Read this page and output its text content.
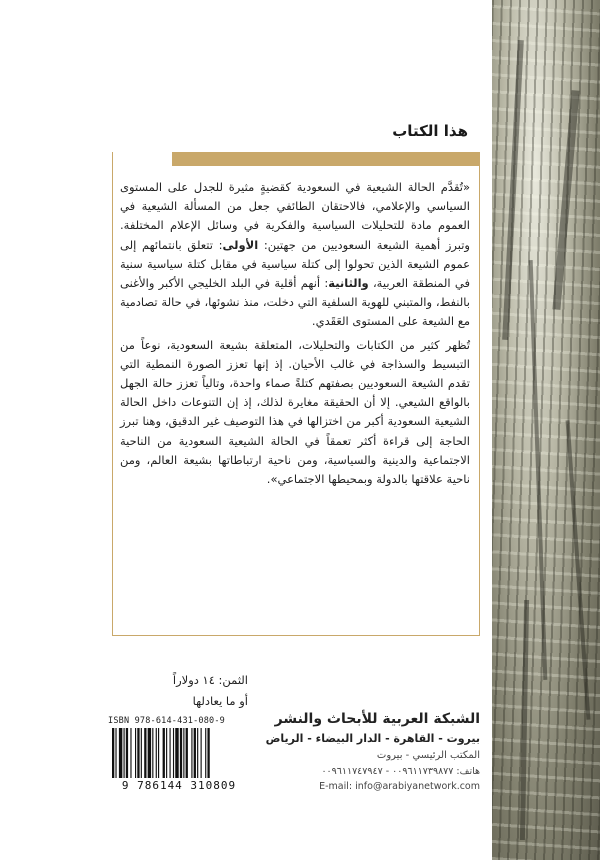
هذا الكتاب

«تُقدَّم الحالة الشيعية في السعودية كقضيةٍ مثيرة للجدل على المستوى السياسي والإعلامي، فالاحتقان الطائفي جعل من المسألة الشيعية في العموم مادة للتحليلات السياسية والفكرية في وسائل الإعلام المختلفة. وتبرز أهمية الشيعة السعوديين من جهتين: الأولى: تتعلق بانتمائهم إلى عموم الشيعة الذين تحولوا إلى كتلة سياسية في مقابل كتلة سياسية سنية في المنطقة العربية، والثانية: أنهم أقلية في البلد الخليجي الأكبر والأغنى بالنفط، والمتبني للهوية السلفية التي دخلت، منذ نشوئها، في حالة تصادمية مع الشيعة على المستوى العَقَدي.

تُظهر كثير من الكتابات والتحليلات، المتعلقة بشيعة السعودية، نوعاً من التبسيط والسذاجة في غالب الأحيان. إذ إنها تعزز الصورة النمطية التي تقدم الشيعة السعوديين بصفتهم كتلةً صماء واحدة، وتالياً تعزز حالة الجهل بالواقع الشيعي. إلا أن الحقيقة مغايرة لذلك، إذ إن التنوعات داخل الحالة الشيعية السعودية أكبر من اختزالها في هذا التوصيف غير الدقيق، وهنا تبرز الحاجة إلى قراءة أكثر تعمقاً في الحالة الشيعية السعودية من الناحية الاجتماعية والدينية والسياسية، ومن ناحية ارتباطاتها بشيعة العالم، ومن ناحية علاقتها بالدولة وبمحيطها الاجتماعي».

الثمن: ١٤ دولاراً
أو ما يعادلها
ISBN 978-614-431-080-9
9 786144 310809
الشبكة العربية للأبحاث والنشر
بيروت - القاهرة - الدار البيضاء - الرياض
المكتب الرئيسي - بيروت
هاتف: ٠٠٩٦١١٧٣٩٨٧٧ - ٠٠٩٦١١٧٤٧٩٤٧
E-mail: info@arabiyanetwork.com
